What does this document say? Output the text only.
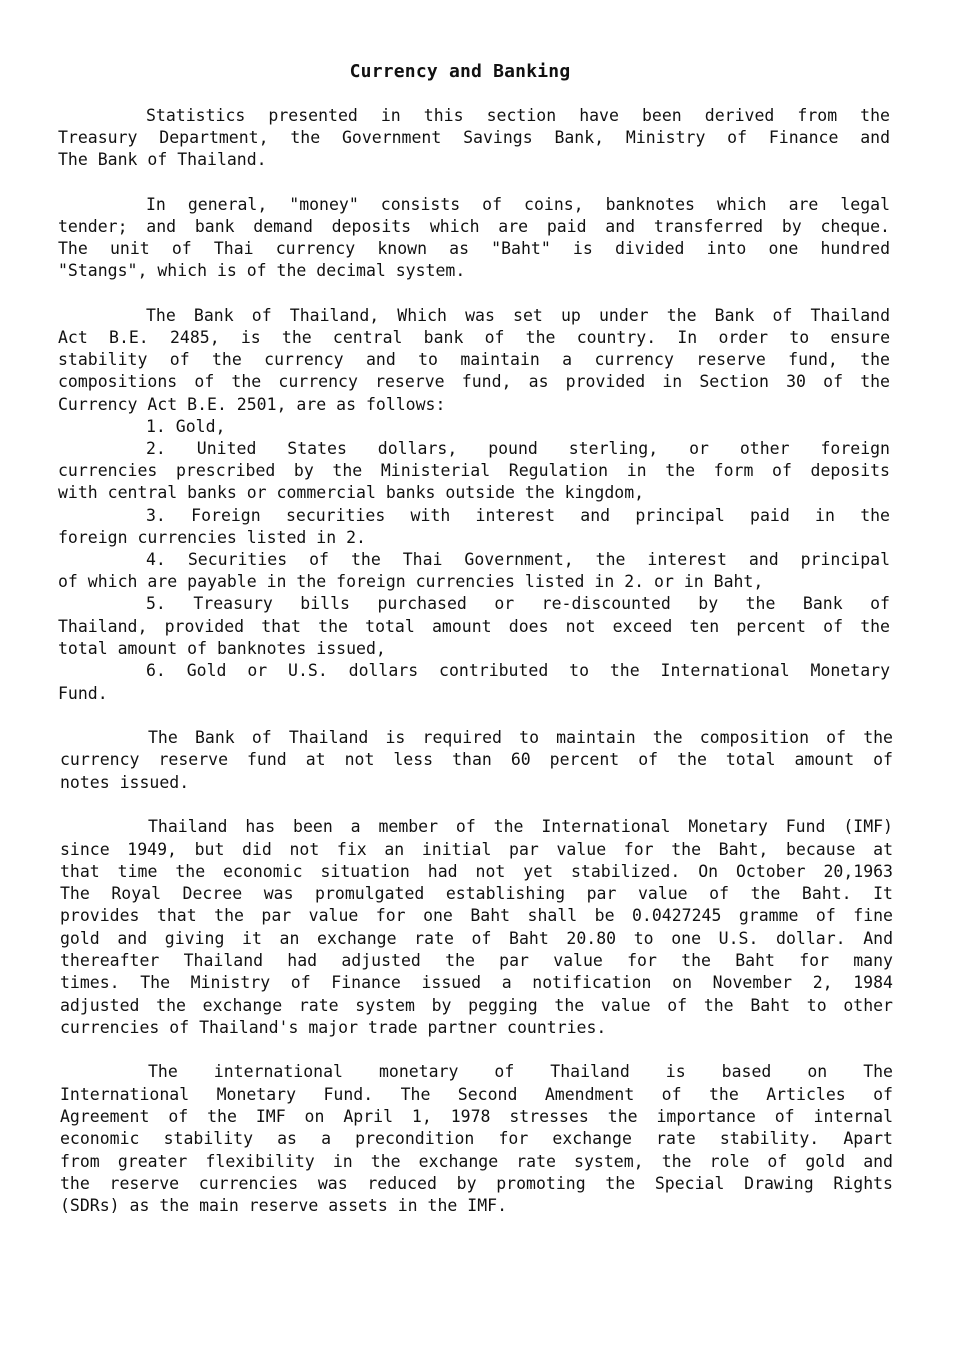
Currency and Banking
Statistics presented in this section have been derived from the
Treasury Department, the Government Savings Bank, Ministry of Finance and
The Bank of Thailand.
In general, "money" consists of coins, banknotes which are legal
tender; and bank demand deposits which are paid and transferred by cheque.
The unit of Thai currency known as "Baht" is divided into one hundred
"Stangs", which is of the decimal system.
The Bank of Thailand, Which was set up under the Bank of Thailand
Act B.E. 2485, is the central bank of the country. In order to ensure
stability of the currency and to maintain a currency reserve fund, the
compositions of the currency reserve fund, as provided in Section 30 of the
Currency Act B.E. 2501, are as follows:
1. Gold,
2. United States dollars, pound sterling, or other foreign
currencies prescribed by the Ministerial Regulation in the form of deposits
with central banks or commercial banks outside the kingdom,
3. Foreign securities with interest and principal paid in the
foreign currencies listed in 2.
4. Securities of the Thai Government, the interest and principal
of which are payable in the foreign currencies listed in 2. or in Baht,
5. Treasury bills purchased or re-discounted by the Bank of
Thailand, provided that the total amount does not exceed ten percent of the
total amount of banknotes issued,
6. Gold or U.S. dollars contributed to the International Monetary
Fund.
The Bank of Thailand is required to maintain the composition of the
currency reserve fund at not less than 60 percent of the total amount of
notes issued.
Thailand has been a member of the International Monetary Fund (IMF)
since 1949, but did not fix an initial par value for the Baht, because at
that time the economic situation had not yet stabilized. On October 20,1963
The Royal Decree was promulgated establishing par value of the Baht. It
provides that the par value for one Baht shall be 0.0427245 gramme of fine
gold and giving it an exchange rate of Baht 20.80 to one U.S. dollar. And
thereafter Thailand had adjusted the par value for the Baht for many
times. The Ministry of Finance issued a notification on November 2, 1984
adjusted the exchange rate system by pegging the value of the Baht to other
currencies of Thailand's major trade partner countries.
The international monetary of Thailand is based on The
International Monetary Fund. The Second Amendment of the Articles of
Agreement of the IMF on April 1, 1978 stresses the importance of internal
economic stability as a precondition for exchange rate stability. Apart
from greater flexibility in the exchange rate system, the role of gold and
the reserve currencies was reduced by promoting the Special Drawing Rights
(SDRs) as the main reserve assets in the IMF.
